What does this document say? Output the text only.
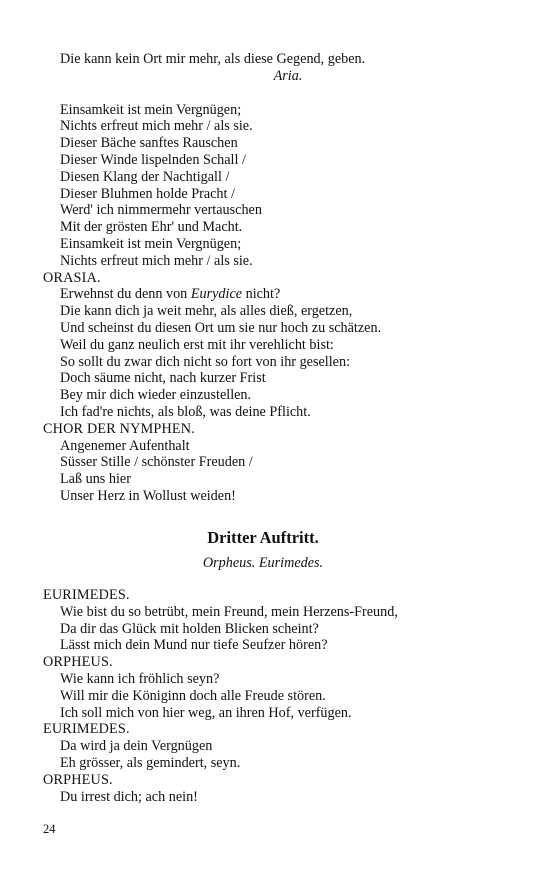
Die kann kein Ort mir mehr, als diese Gegend, geben.
Aria.
Einsamkeit ist mein Vergnügen;
Nichts erfreut mich mehr / als sie.
Dieser Bäche sanftes Rauschen
Dieser Winde lispelnden Schall /
Diesen Klang der Nachtigall /
Dieser Bluhmen holde Pracht /
Werd' ich nimmermehr vertauschen
Mit der grösten Ehr' und Macht.
Einsamkeit ist mein Vergnügen;
Nichts erfreut mich mehr / als sie.
ORASIA.
Erwehnst du denn von Eurydice nicht?
Die kann dich ja weit mehr, als alles dieß, ergetzen,
Und scheinst du diesen Ort um sie nur hoch zu schätzen.
Weil du ganz neulich erst mit ihr verehlicht bist:
So sollt du zwar dich nicht so fort von ihr gesellen:
Doch säume nicht, nach kurzer Frist
Bey mir dich wieder einzustellen.
Ich fad're nichts, als bloß, was deine Pflicht.
CHOR DER NYMPHEN.
Angenemer Aufenthalt
Süsser Stille / schönster Freuden /
Laß uns hier
Unser Herz in Wollust weiden!
Dritter Auftritt.
Orpheus. Eurimedes.
EURIMEDES.
Wie bist du so betrübt, mein Freund, mein Herzens-Freund,
Da dir das Glück mit holden Blicken scheint?
Lässt mich dein Mund nur tiefe Seufzer hören?
ORPHEUS.
Wie kann ich fröhlich seyn?
Will mir die Königinn doch alle Freude stören.
Ich soll mich von hier weg, an ihren Hof, verfügen.
EURIMEDES.
Da wird ja dein Vergnügen
Eh grösser, als gemindert, seyn.
ORPHEUS.
Du irrest dich; ach nein!
24
